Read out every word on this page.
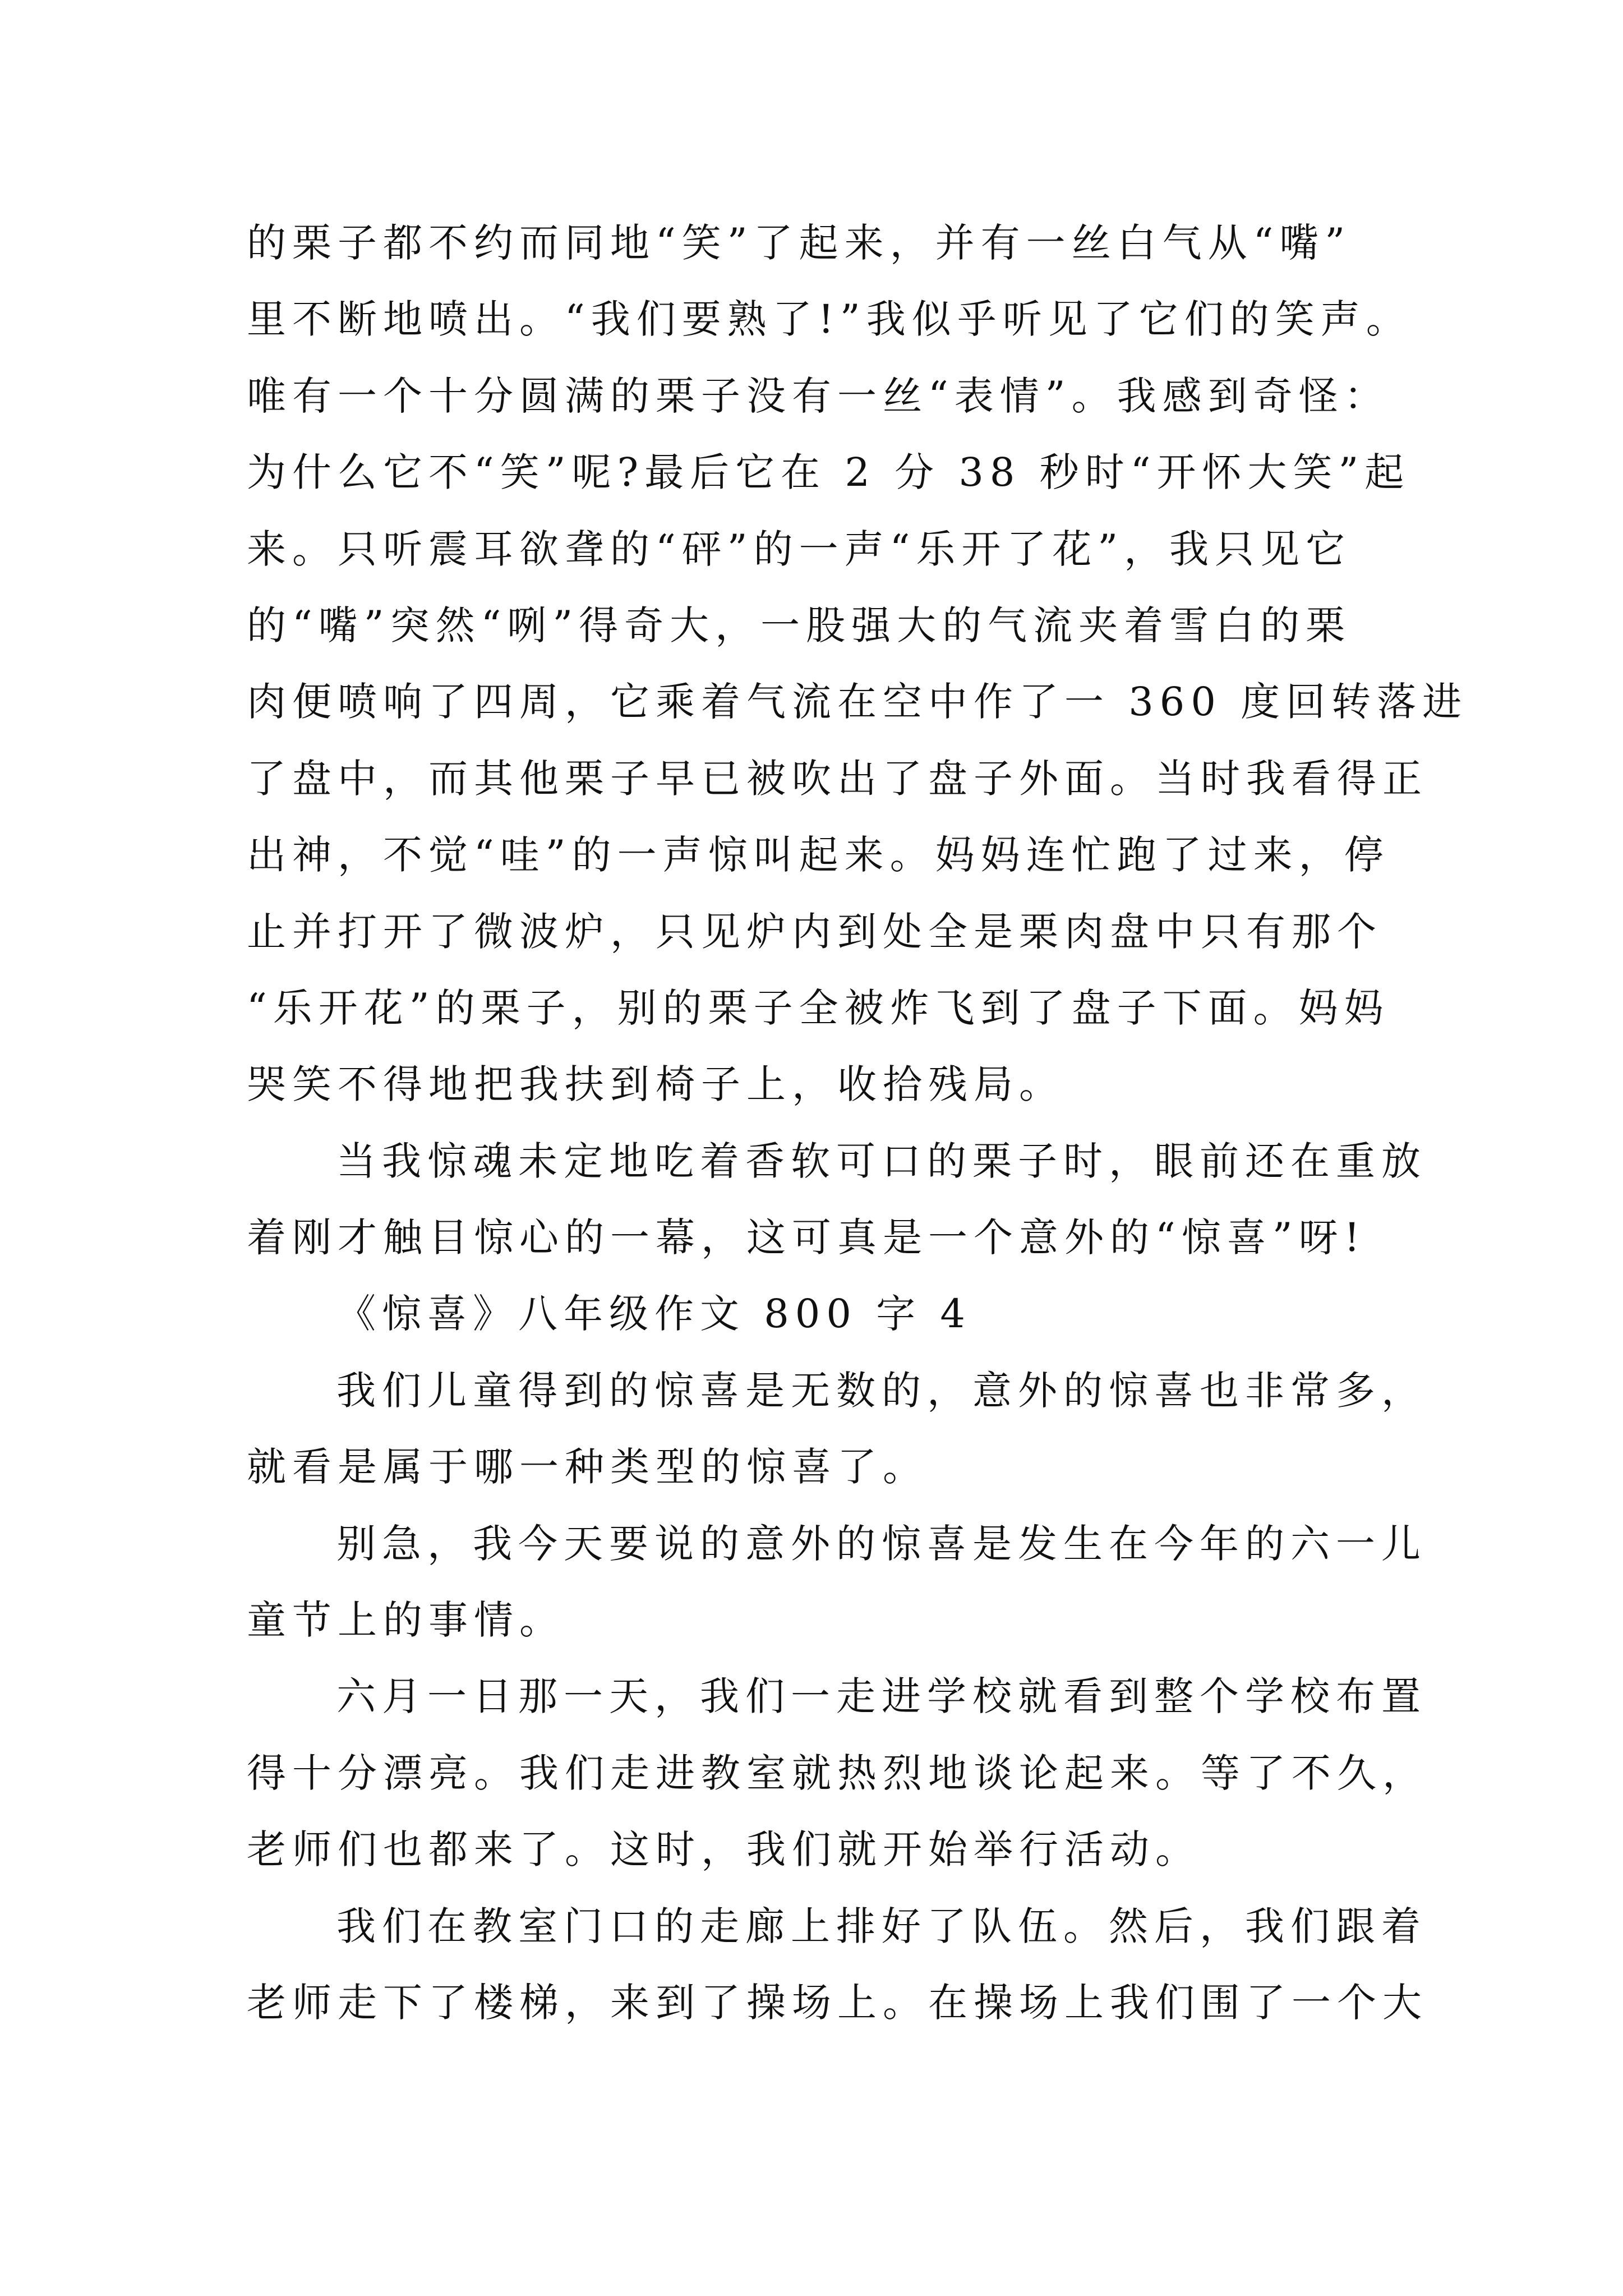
的栗子都不约而同地“笑”了起来，并有一丝白气从“嘴”
里不断地喷出。“我们要熟了!”我似乎听见了它们的笑声。
唯有一个十分圆满的栗子没有一丝“表情”。我感到奇怪：
为什么它不“笑”呢?最后它在 2 分 38 秒时“开怀大笑”起
来。只听震耳欲聋的“砰”的一声“乐开了花”，我只见它
的“嘴”突然“咧”得奇大，一股强大的气流夹着雪白的栗
肉便喷响了四周，它乘着气流在空中作了一 360 度回转落进
了盘中，而其他栗子早已被吹出了盘子外面。当时我看得正
出神，不觉“哇”的一声惊叫起来。妈妈连忙跑了过来，停
止并打开了微波炉，只见炉内到处全是栗肉盘中只有那个
“乐开花”的栗子，别的栗子全被炸飞到了盘子下面。妈妈
哭笑不得地把我扶到椅子上，收拾残局。
当我惊魂未定地吃着香软可口的栗子时，眼前还在重放
着刚才触目惊心的一幕，这可真是一个意外的“惊喜”呀!
《惊喜》八年级作文 800 字 4
我们儿童得到的惊喜是无数的，意外的惊喜也非常多，
就看是属于哪一种类型的惊喜了。
别急，我今天要说的意外的惊喜是发生在今年的六一儿
童节上的事情。
六月一日那一天，我们一走进学校就看到整个学校布置
得十分漂亮。我们走进教室就热烈地谈论起来。等了不久，
老师们也都来了。这时，我们就开始举行活动。
我们在教室门口的走廊上排好了队伍。然后，我们跟着
老师走下了楼梯，来到了操场上。在操场上我们围了一个大
